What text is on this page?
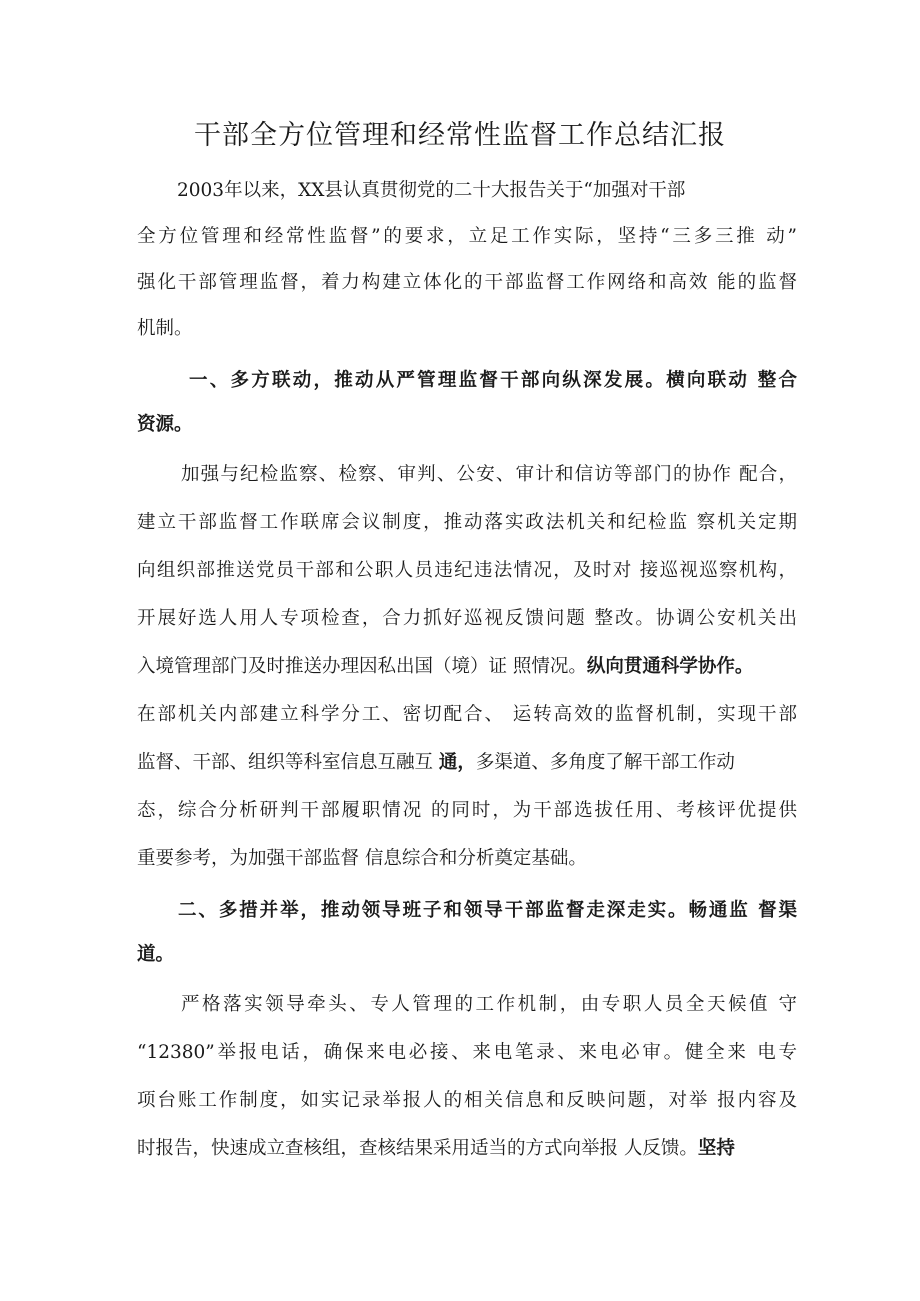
干部全方位管理和经常性监督工作总结汇报
2003年以来，XX县认真贯彻党的二十大报告关于“加强对干部
全方位管理和经常性监督”的要求，立足工作实际，坚持“三多三推 动”
强化干部管理监督，着力构建立体化的干部监督工作网络和高效 能的监督
机制。
一、多方联动，推动从严管理监督干部向纵深发展。横向联动 整合
资源。
加强与纪检监察、检察、审判、公安、审计和信访等部门的协作 配合，
建立干部监督工作联席会议制度，推动落实政法机关和纪检监 察机关定期
向组织部推送党员干部和公职人员违纪违法情况，及时对 接巡视巡察机构，
开展好选人用人专项检查，合力抓好巡视反馈问题 整改。协调公安机关出
入境管理部门及时推送办理因私出国（境）证 照情况。纵向贯通科学协作。
在部机关内部建立科学分工、密切配合、 运转高效的监督机制，实现干部
监督、干部、组织等科室信息互融互 通，多渠道、多角度了解干部工作动
态，综合分析研判干部履职情况 的同时，为干部选拔任用、考核评优提供
重要参考，为加强干部监督 信息综合和分析奠定基础。
二、多措并举，推动领导班子和领导干部监督走深走实。畅通监 督渠
道。
严格落实领导牵头、专人管理的工作机制，由专职人员全天候值 守
“12380”举报电话，确保来电必接、来电笔录、来电必审。健全来 电专
项台账工作制度，如实记录举报人的相关信息和反映问题，对举 报内容及
时报告，快速成立查核组，查核结果采用适当的方式向举报 人反馈。坚持
